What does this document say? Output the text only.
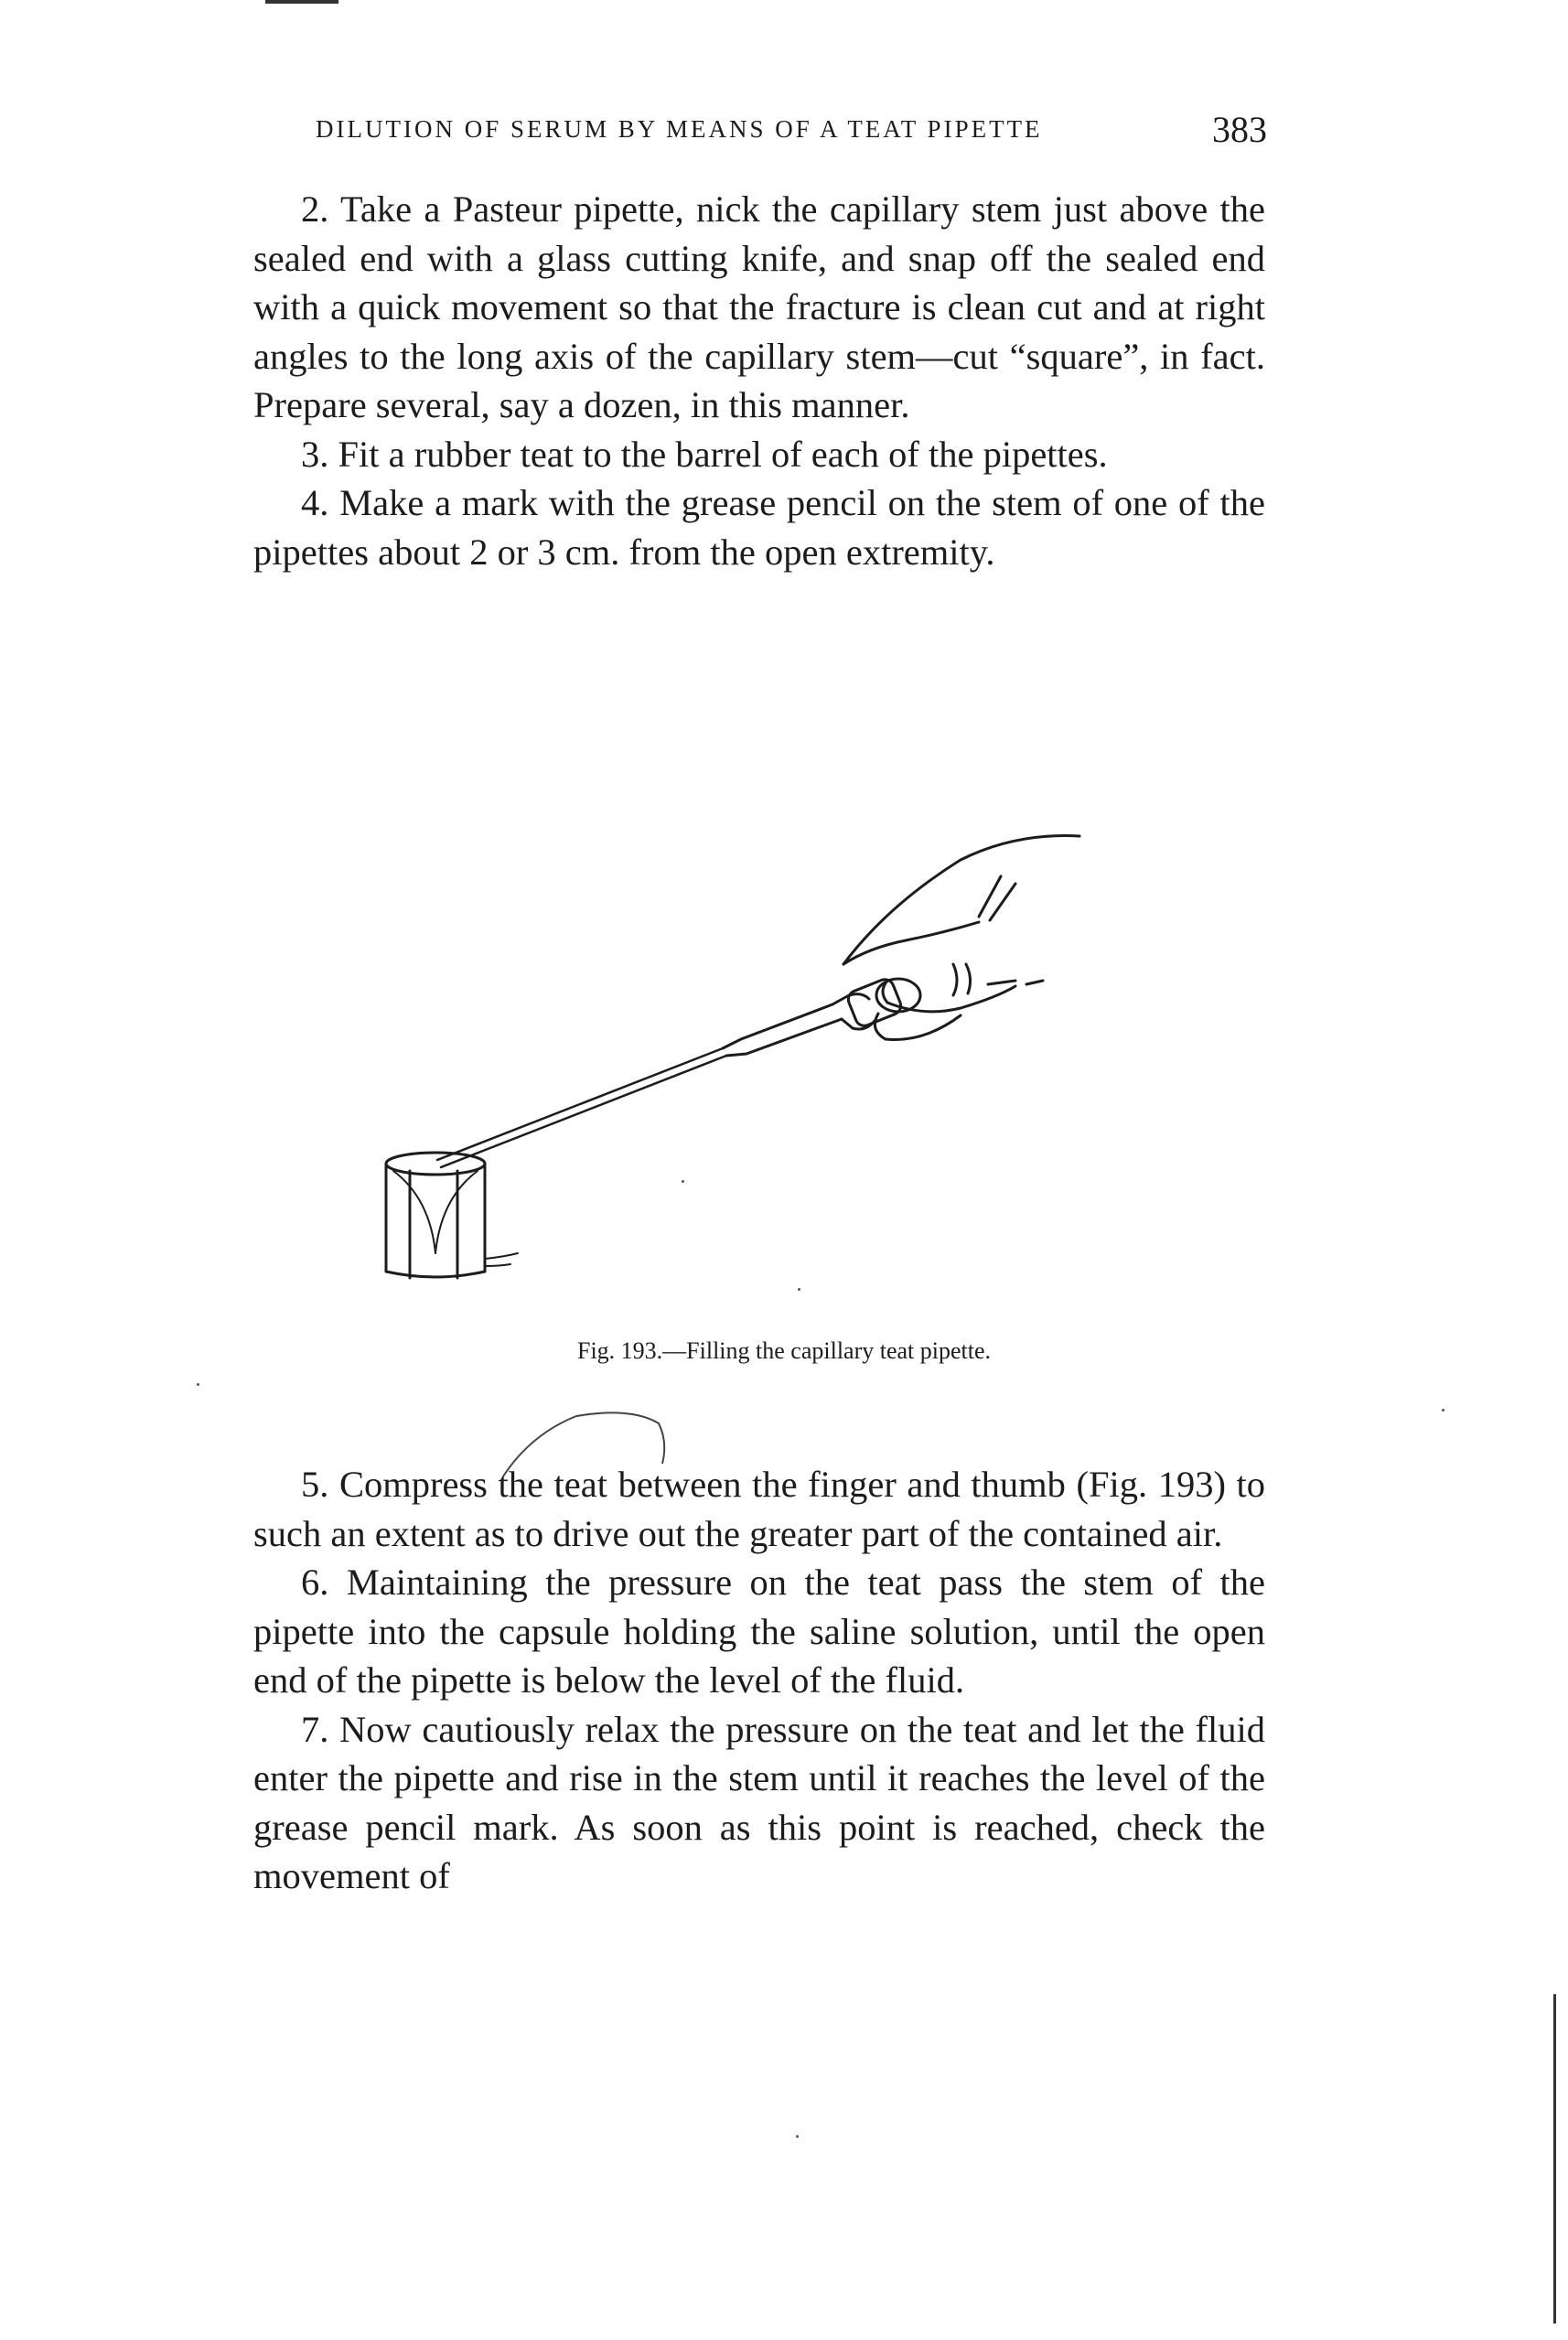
DILUTION OF SERUM BY MEANS OF A TEAT PIPETTE	383

2. Take a Pasteur pipette, nick the capillary stem just above the sealed end with a glass cutting knife, and snap off the sealed end with a quick movement so that the fracture is clean cut and at right angles to the long axis of the capillary stem—cut “square”, in fact. Prepare several, say a dozen, in this manner.

3. Fit a rubber teat to the barrel of each of the pipettes.

4. Make a mark with the grease pencil on the stem of one of the pipettes about 2 or 3 cm. from the open extremity.

Fig. 193.—Filling the capillary teat pipette.

5. Compress the teat between the finger and thumb (Fig. 193) to such an extent as to drive out the greater part of the contained air.

6. Maintaining the pressure on the teat pass the stem of the pipette into the capsule holding the saline solution, until the open end of the pipette is below the level of the fluid.

7. Now cautiously relax the pressure on the teat and let the fluid enter the pipette and rise in the stem until it reaches the level of the grease pencil mark. As soon as this point is reached, check the movement of
